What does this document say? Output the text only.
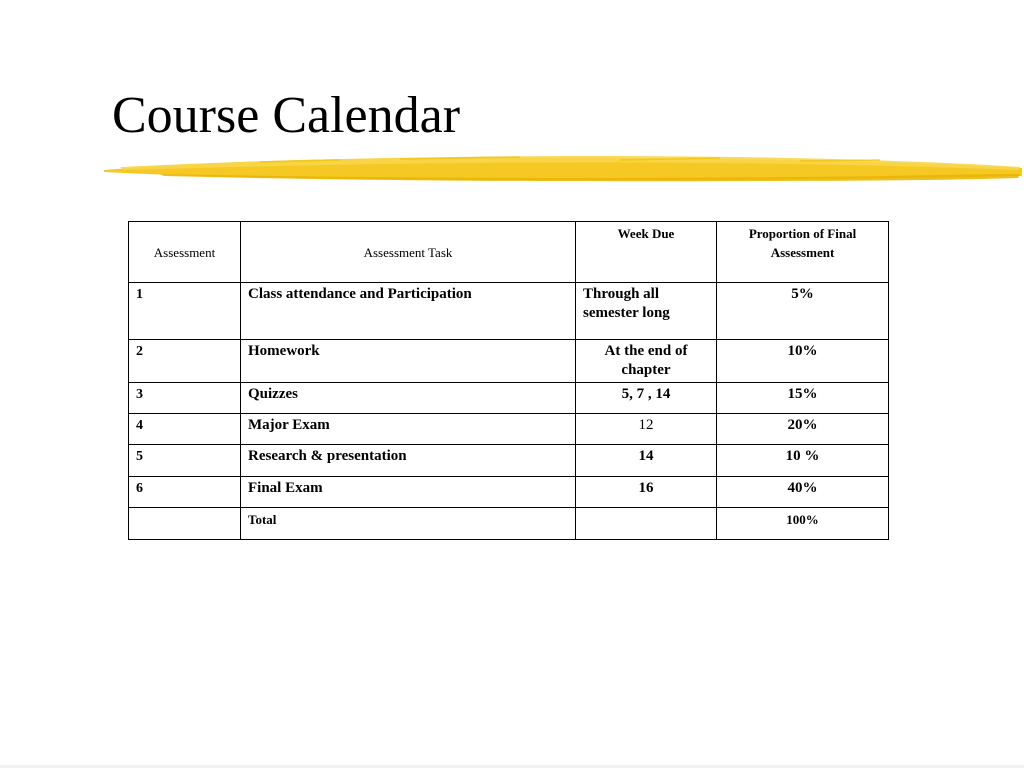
Course Calendar
Assessment	Assessment Task	Week Due	Proportion of Final Assessment
1	Class attendance and Participation	Through all semester long	5%
2	Homework	At the end of chapter	10%
3	Quizzes	5, 7 , 14	15%
4	Major Exam	12	20%
5	Research & presentation	14	10 %
6	Final Exam	16	40%
	Total		100%
